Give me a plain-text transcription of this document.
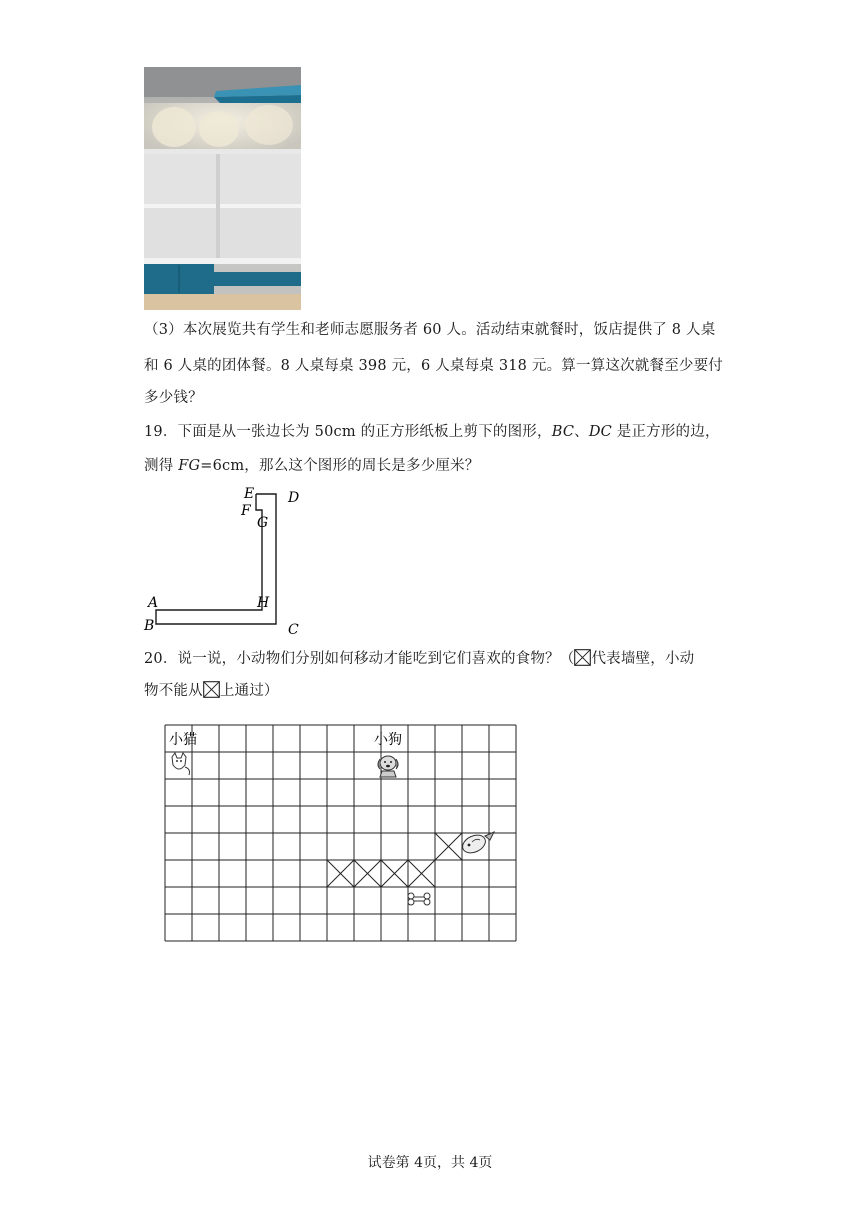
（3）本次展览共有学生和老师志愿服务者 60 人。活动结束就餐时，饭店提供了 8 人桌
和 6 人桌的团体餐。8 人桌每桌 398 元，6 人桌每桌 318 元。算一算这次就餐至少要付
多少钱？
19．下面是从一张边长为 50cm 的正方形纸板上剪下的图形，BC、DC 是正方形的边，
测得 FG=6cm，那么这个图形的周长是多少厘米？
E D
F
G
A	H
B	C
20．说一说，小动物们分别如何移动才能吃到它们喜欢的食物？（ 代表墙壁，小动
物不能从 上通过）
小猫	小狗
试卷第 4页，共 4页
